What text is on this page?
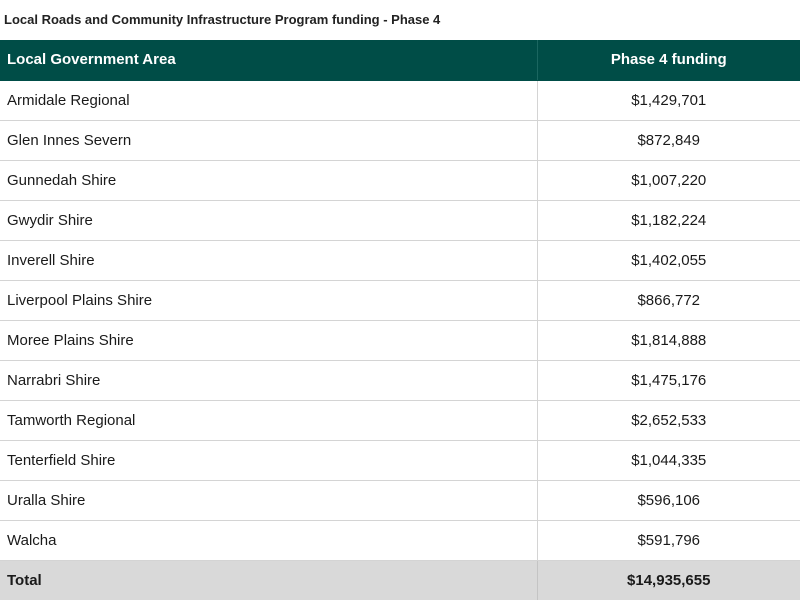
Local Roads and Community Infrastructure Program funding - Phase 4
Local Government Area	Phase 4 funding
Armidale Regional	$1,429,701
Glen Innes Severn	$872,849
Gunnedah Shire	$1,007,220
Gwydir Shire	$1,182,224
Inverell Shire	$1,402,055
Liverpool Plains Shire	$866,772
Moree Plains Shire	$1,814,888
Narrabri Shire	$1,475,176
Tamworth Regional	$2,652,533
Tenterfield Shire	$1,044,335
Uralla Shire	$596,106
Walcha	$591,796
Total	$14,935,655
